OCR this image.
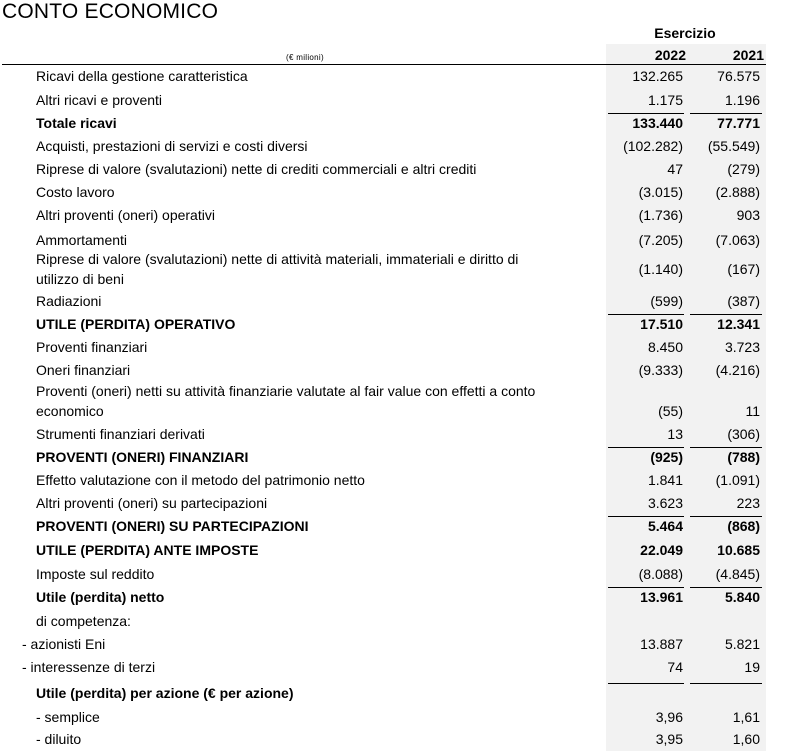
CONTO ECONOMICO
Esercizio
2022	2021
(€ milioni)
Ricavi della gestione caratteristica	132.265	76.575
Altri ricavi e proventi	1.175	1.196
Totale ricavi	133.440	77.771
Acquisti, prestazioni di servizi e costi diversi	(102.282)	(55.549)
Riprese di valore (svalutazioni) nette di crediti commerciali e altri crediti	47	(279)
Costo lavoro	(3.015)	(2.888)
Altri proventi (oneri) operativi	(1.736)	903
Ammortamenti	(7.205)	(7.063)
Riprese di valore (svalutazioni) nette di attività materiali, immateriali e diritto di
utilizzo di beni
(1.140)	(167)
Radiazioni	(599)	(387)
UTILE (PERDITA) OPERATIVO	17.510	12.341
Proventi finanziari	8.450	3.723
Oneri finanziari	(9.333)	(4.216)
Proventi (oneri) netti su attività finanziarie valutate al fair value con effetti a conto
economico	(55)	11
Strumenti finanziari derivati	13	(306)
PROVENTI (ONERI) FINANZIARI	(925)	(788)
Effetto valutazione con il metodo del patrimonio netto	1.841	(1.091)
Altri proventi (oneri) su partecipazioni	3.623	223
PROVENTI (ONERI) SU PARTECIPAZIONI	5.464	(868)
UTILE (PERDITA) ANTE IMPOSTE	22.049	10.685
Imposte sul reddito	(8.088)	(4.845)
Utile (perdita) netto	13.961	5.840
di competenza:
- azionisti Eni	13.887	5.821
- interessenze di terzi	74	19
Utile (perdita) per azione (€ per azione)
- semplice	3,96	1,61
- diluito	3,95	1,60
